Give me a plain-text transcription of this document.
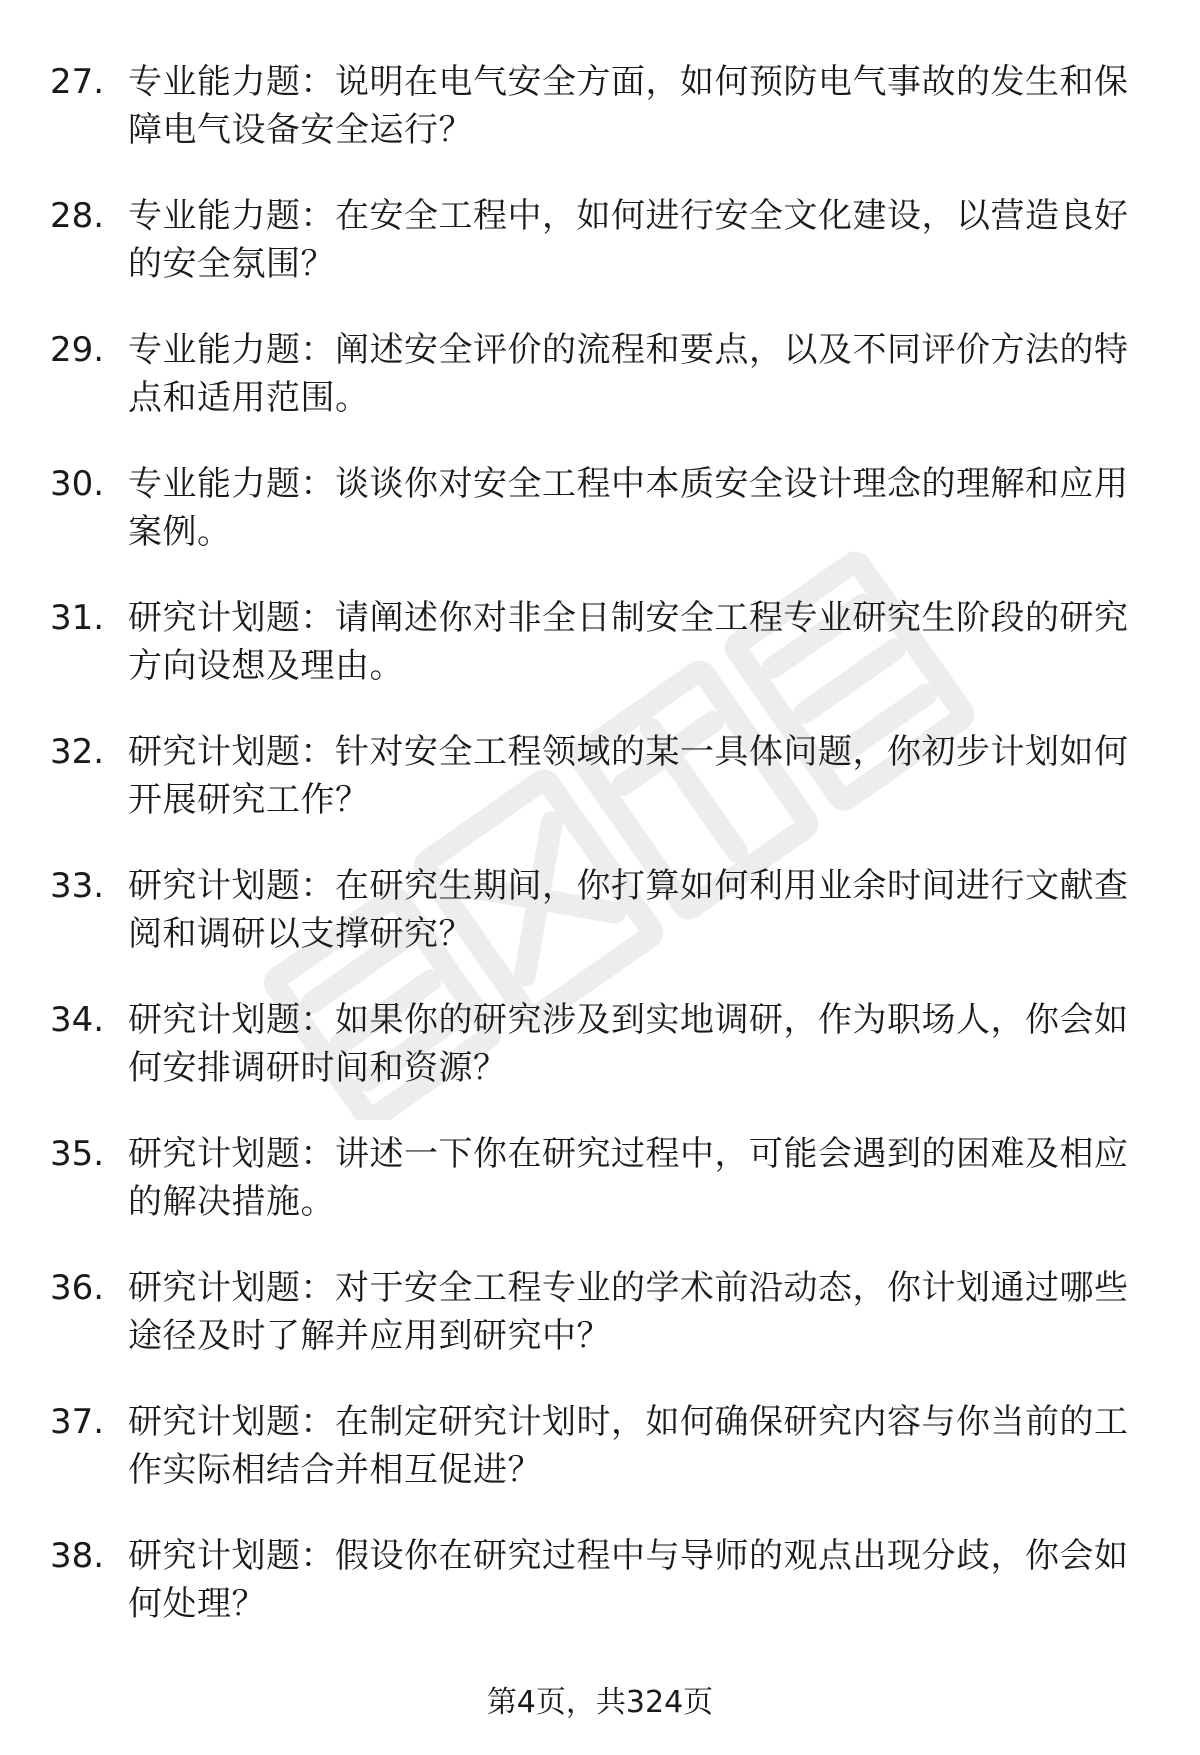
27. 专业能力题：说明在电气安全方面，如何预防电气事故的发生和保障电气设备安全运行？
28. 专业能力题：在安全工程中，如何进行安全文化建设，以营造良好的安全氛围？
29. 专业能力题：阐述安全评价的流程和要点，以及不同评价方法的特点和适用范围。
30. 专业能力题：谈谈你对安全工程中本质安全设计理念的理解和应用案例。
31. 研究计划题：请阐述你对非全日制安全工程专业研究生阶段的研究方向设想及理由。
32. 研究计划题：针对安全工程领域的某一具体问题，你初步计划如何开展研究工作？
33. 研究计划题：在研究生期间，你打算如何利用业余时间进行文献查阅和调研以支撑研究？
34. 研究计划题：如果你的研究涉及到实地调研，作为职场人，你会如何安排调研时间和资源？
35. 研究计划题：讲述一下你在研究过程中，可能会遇到的困难及相应的解决措施。
36. 研究计划题：对于安全工程专业的学术前沿动态，你计划通过哪些途径及时了解并应用到研究中？
37. 研究计划题：在制定研究计划时，如何确保研究内容与你当前的工作实际相结合并相互促进？
38. 研究计划题：假设你在研究过程中与导师的观点出现分歧，你会如何处理？
第4页，共324页
